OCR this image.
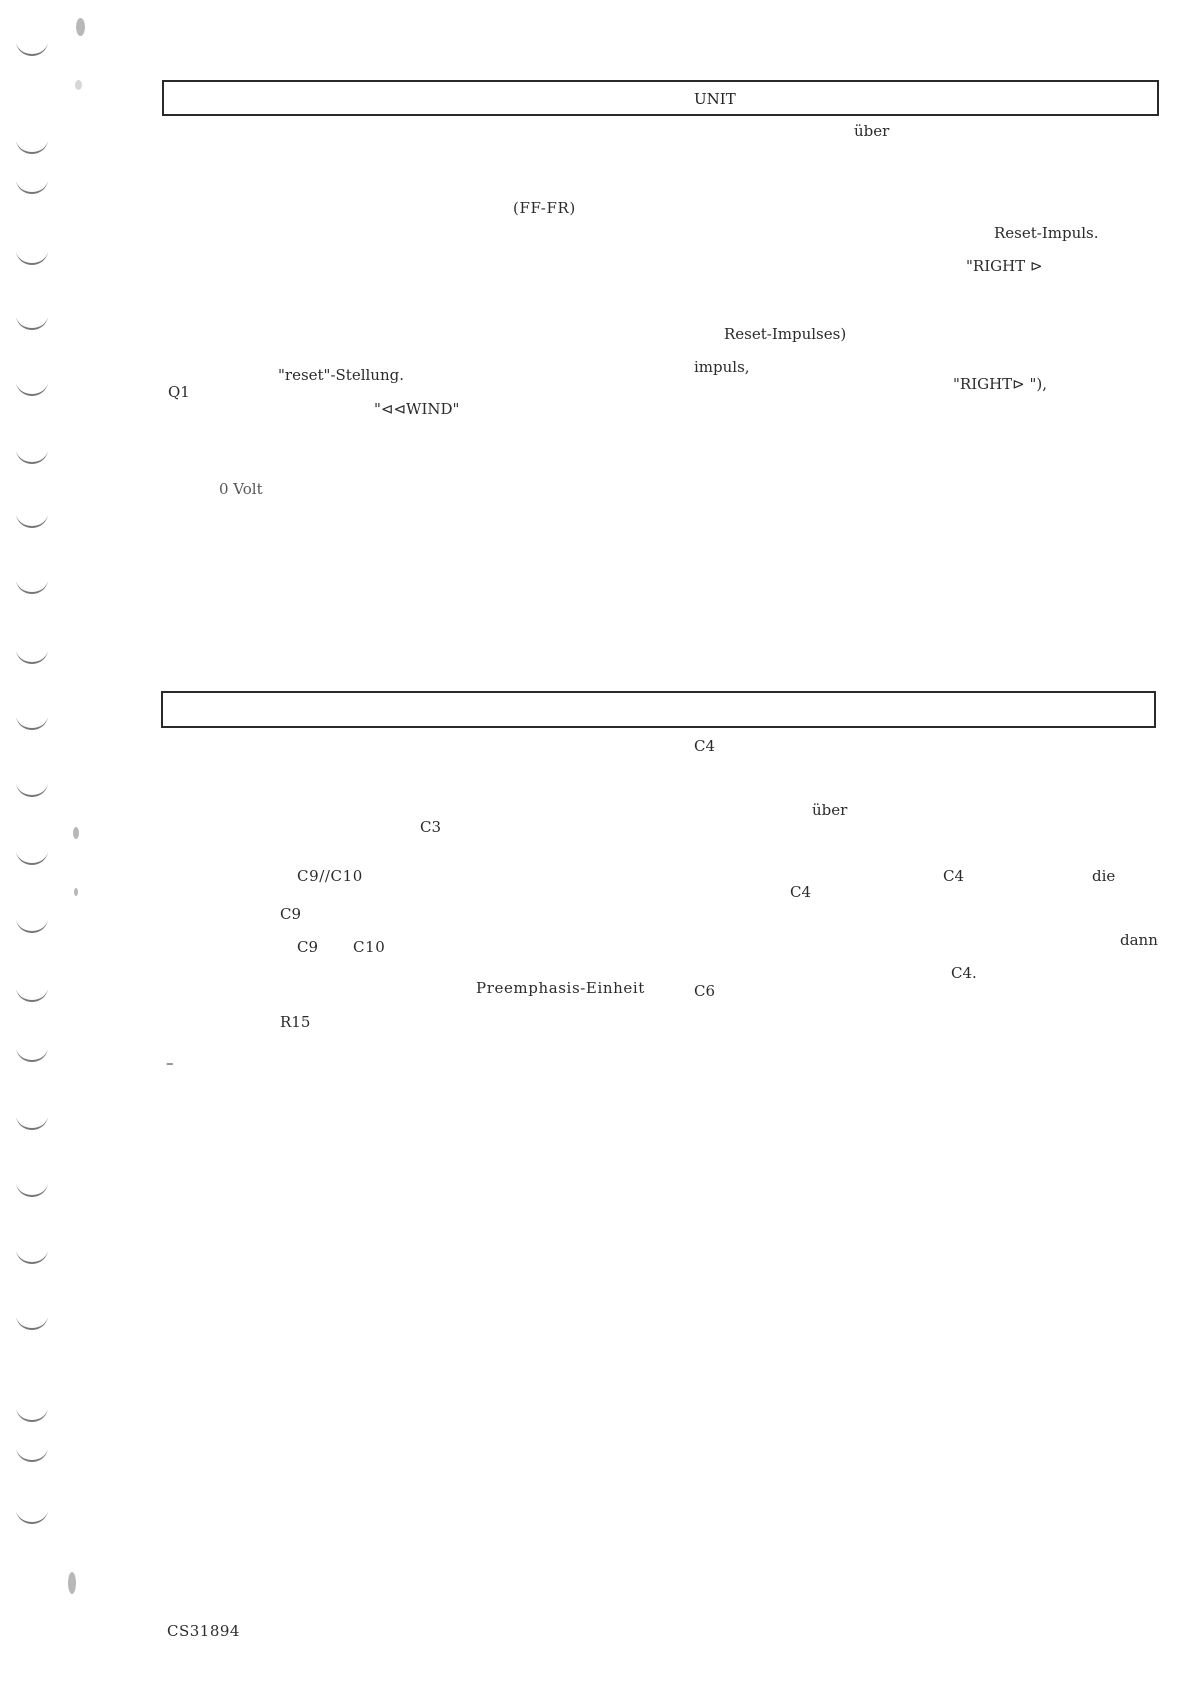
UNIT
über
(FF-FR)
Reset-Impuls.
"RIGHT ⊳
Reset-Impulses)
impuls,
"reset"-Stellung.	"RIGHT⊳ "),
Q1
"⊲⊲WIND"
0 Volt
C4
über
C3
C9//C10	C4	die
C4
C9
C9 C10	dann
C4.
Preemphasis-Einheit	C6
R15
–
CS31894
